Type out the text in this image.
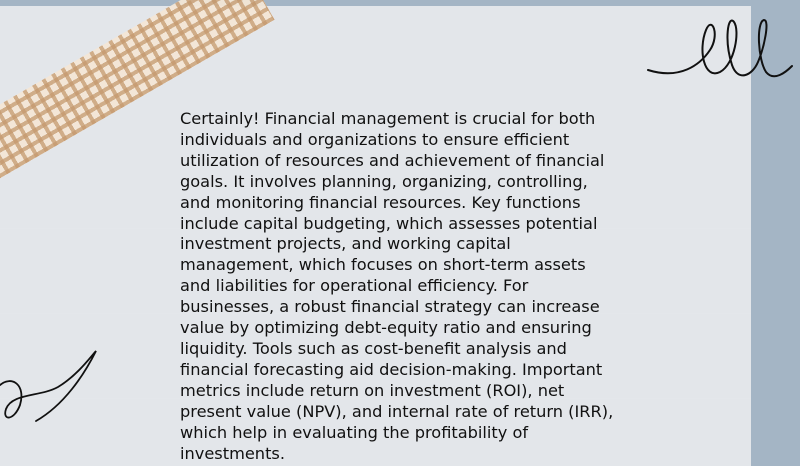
Certainly! Financial management is crucial for both individuals and organizations to ensure efficient utilization of resources and achievement of financial goals. It involves planning, organizing, controlling, and monitoring financial resources. Key functions include capital budgeting, which assesses potential investment projects, and working capital management, which focuses on short-term assets and liabilities for operational efficiency. For businesses, a robust financial strategy can increase value by optimizing debt-equity ratio and ensuring liquidity. Tools such as cost-benefit analysis and financial forecasting aid decision-making. Important metrics include return on investment (ROI), net present value (NPV), and internal rate of return (IRR), which help in evaluating the profitability of investments.
